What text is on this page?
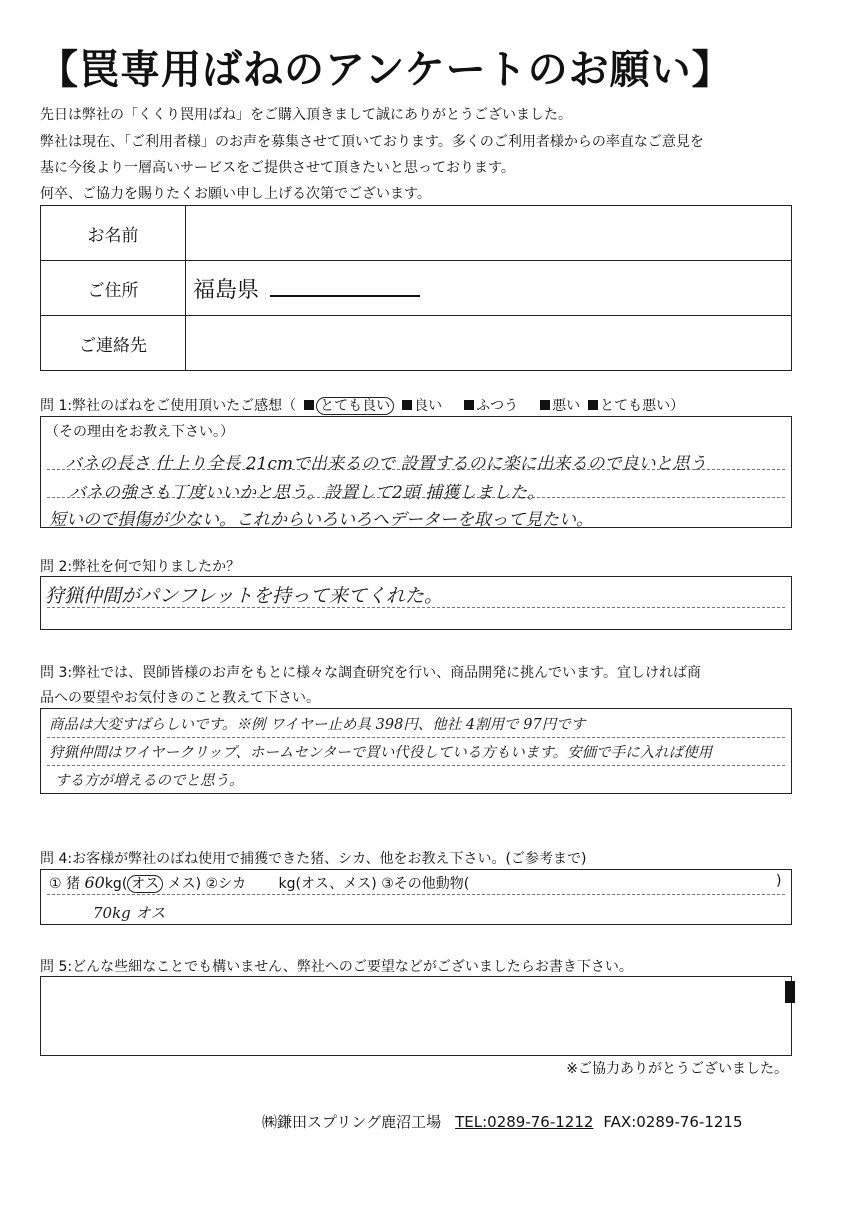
【罠専用ばねのアンケートのお願い】
先日は弊社の「くくり罠用ばね」をご購入頂きまして誠にありがとうございました。
弊社は現在、「ご利用者様」のお声を募集させて頂いております。多くのご利用者様からの率直なご意見を
基に今後より一層高いサービスをご提供させて頂きたいと思っております。
何卒、ご協力を賜りたくお願い申し上げる次第でございます。
お名前	
ご住所	福島県
ご連絡先	
問 1:弊社のばねをご使用頂いたご感想（ とても良い 良い ふつう 悪い とても悪い）
（その理由をお教え下さい。）
バネの長さ 仕上り全長 21cmで出来るので 設置するのに楽に出来るので良いと思う
バネの強さも丁度いいかと思う。設置して2頭 捕獲しました。
短いので損傷が少ない。これからいろいろへデーターを取って見たい。
問 2:弊社を何で知りましたか？
狩猟仲間がパンフレットを持って来てくれた。
問 3:弊社では、罠師皆様のお声をもとに様々な調査研究を行い、商品開発に挑んでいます。宜しければ商
品への要望やお気付きのこと教えて下さい。
商品は大変すばらしいです。※例 ワイヤー止め具 398円、他社 4割用で 97円です
狩猟仲間はワイヤークリップ、ホームセンターで買い代役している方もいます。安価で手に入れば使用
する方が増えるのでと思う。
問 4:お客様が弊社のばね使用で捕獲できた猪、シカ、他をお教え下さい。(ご参考まで)
① 猪 60kg( オス メス) ②シカ　　 kg(オス、メス) ③その他動物(	)
70kg オス
問 5:どんな些細なことでも構いません、弊社へのご要望などがございましたらお書き下さい。
※ご協力ありがとうございました。
㈱鎌田スプリング鹿沼工場 TEL:0289-76-1212 FAX:0289-76-1215
